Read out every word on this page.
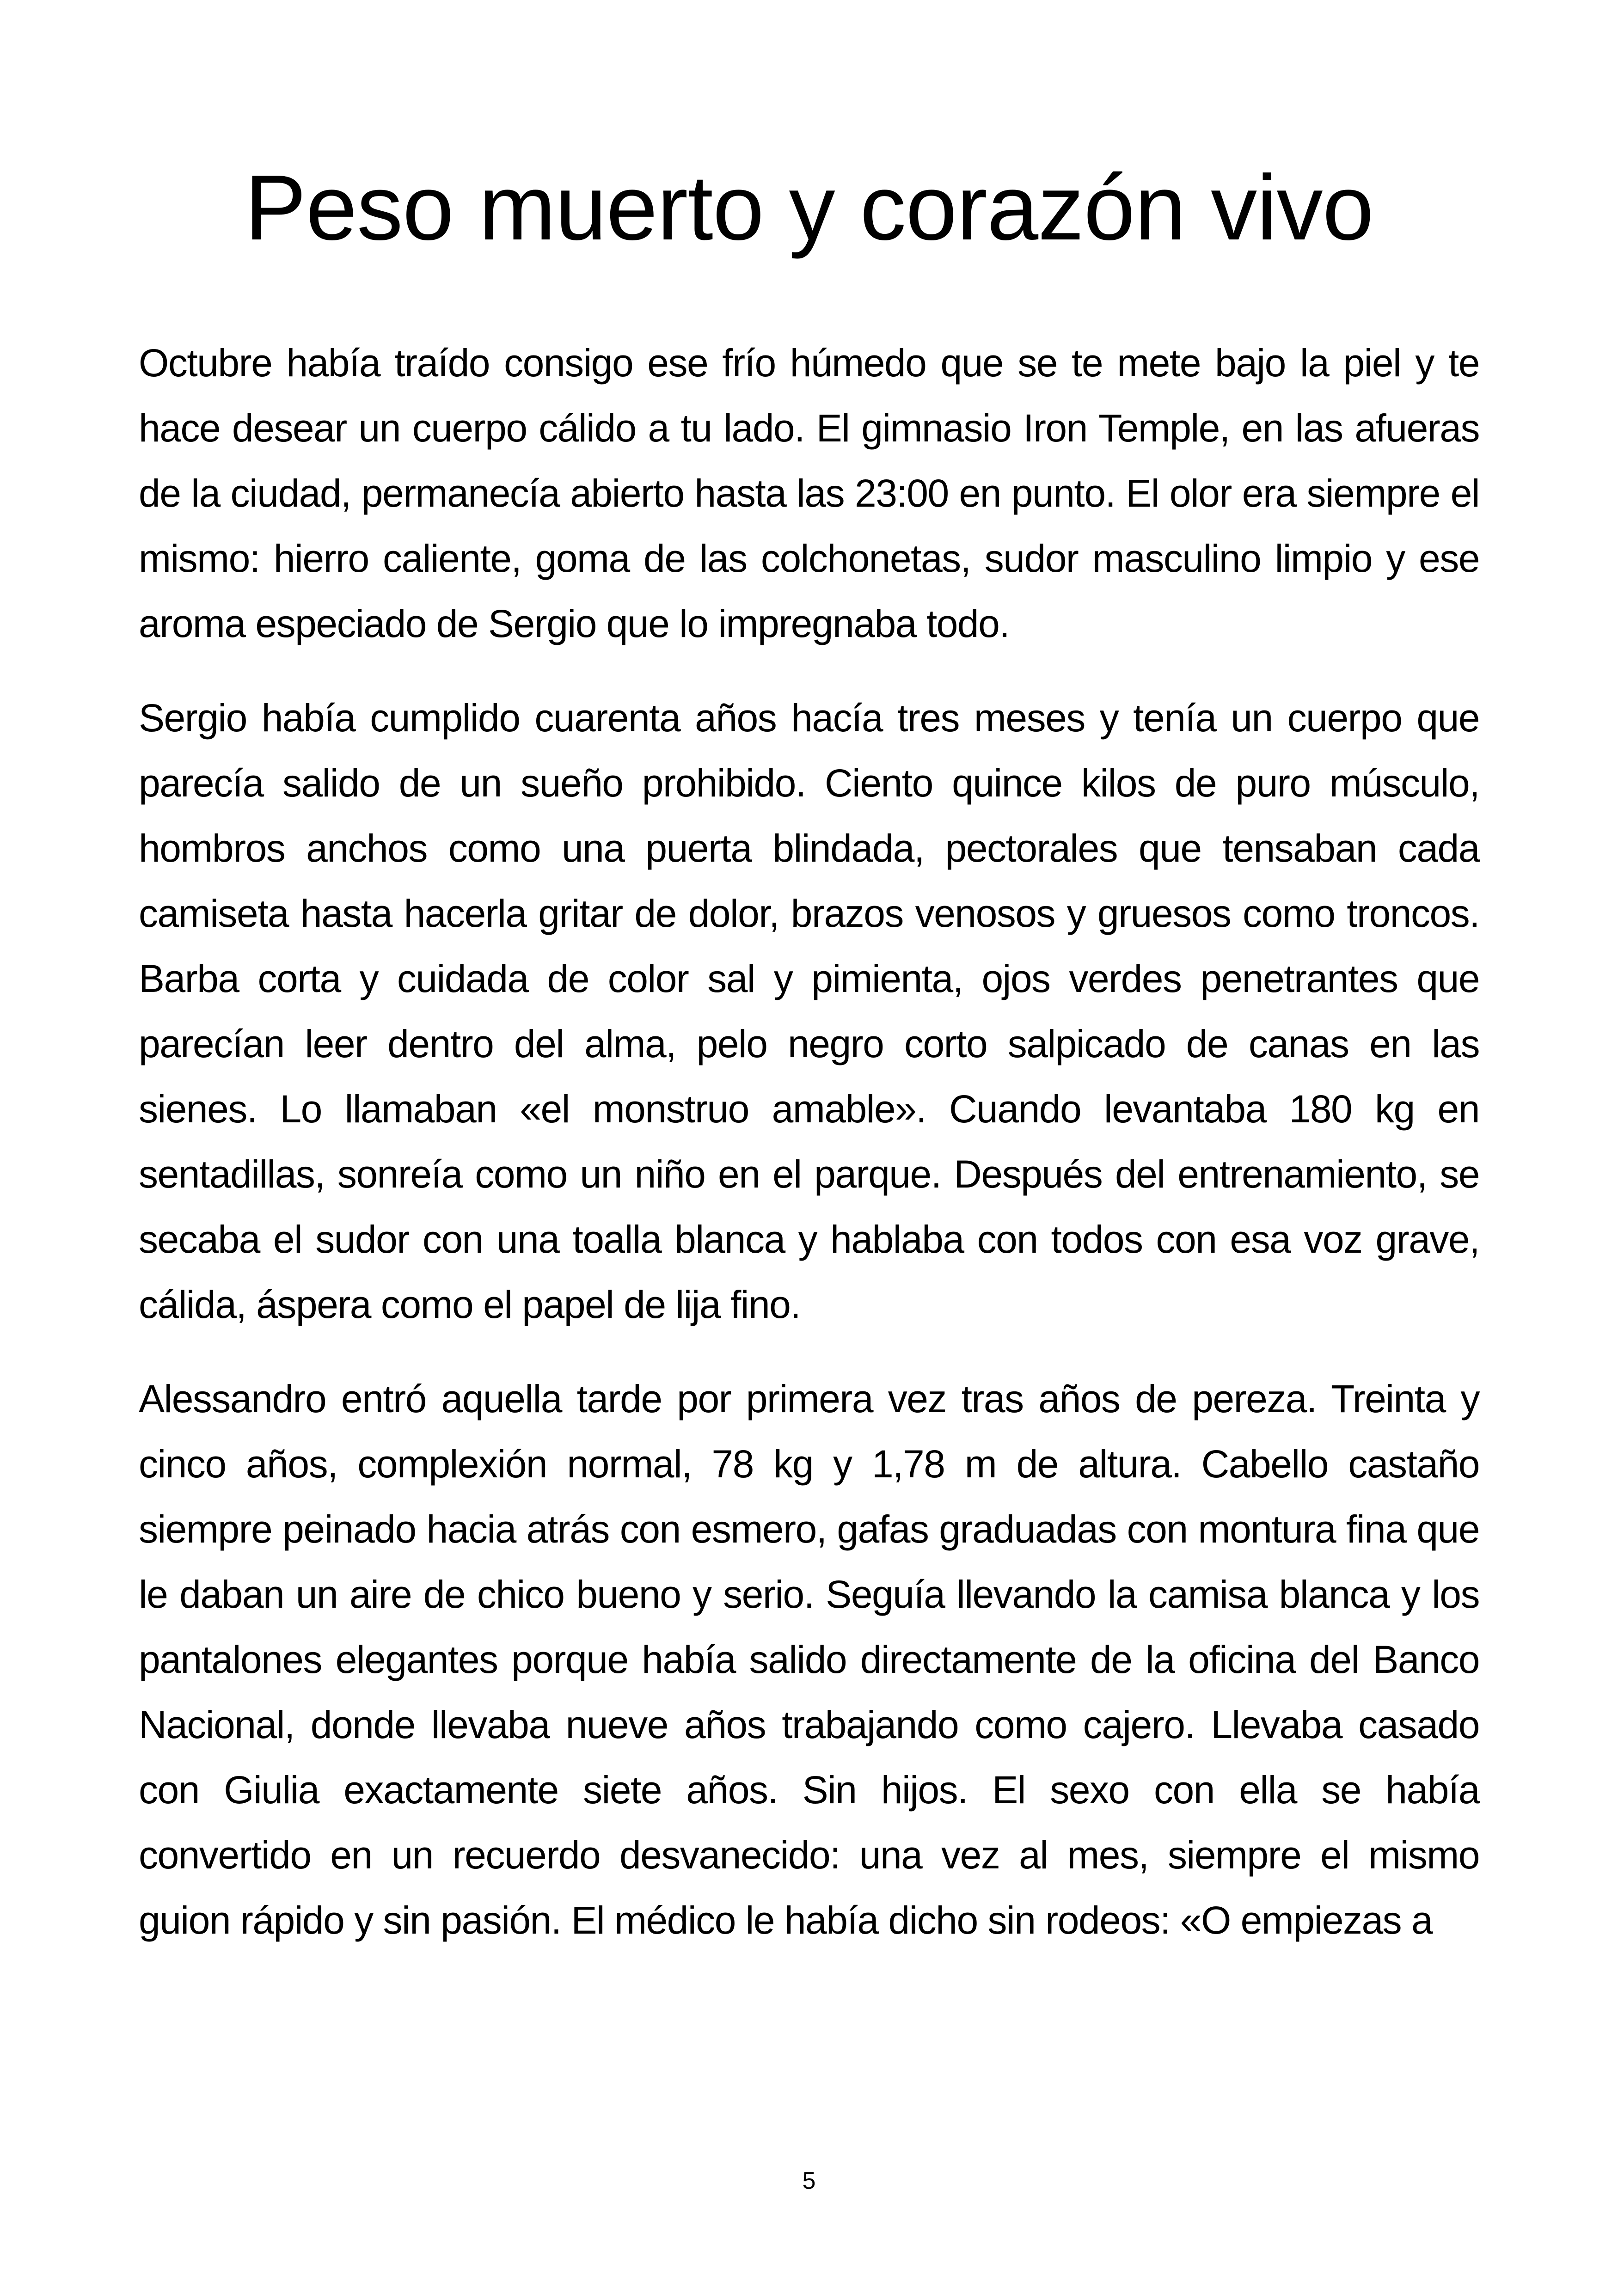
Peso muerto y corazón vivo

Octubre había traído consigo ese frío húmedo que se te mete bajo la piel y te hace desear un cuerpo cálido a tu lado. El gimnasio Iron Temple, en las afueras de la ciudad, permanecía abierto hasta las 23:00 en punto. El olor era siempre el mismo: hierro caliente, goma de las colchonetas, sudor masculino limpio y ese aroma especiado de Sergio que lo impregnaba todo.

Sergio había cumplido cuarenta años hacía tres meses y tenía un cuerpo que parecía salido de un sueño prohibido. Ciento quince kilos de puro músculo, hombros anchos como una puerta blindada, pectorales que tensaban cada camiseta hasta hacerla gritar de dolor, brazos venosos y gruesos como troncos. Barba corta y cuidada de color sal y pimienta, ojos verdes penetrantes que parecían leer dentro del alma, pelo negro corto salpicado de canas en las sienes. Lo llamaban «el monstruo amable». Cuando levantaba 180 kg en sentadillas, sonreía como un niño en el parque. Después del entrenamiento, se secaba el sudor con una toalla blanca y hablaba con todos con esa voz grave, cálida, áspera como el papel de lija fino.

Alessandro entró aquella tarde por primera vez tras años de pereza. Treinta y cinco años, complexión normal, 78 kg y 1,78 m de altura. Cabello castaño siempre peinado hacia atrás con esmero, gafas graduadas con montura fina que le daban un aire de chico bueno y serio. Seguía llevando la camisa blanca y los pantalones elegantes porque había salido directamente de la oficina del Banco Nacional, donde llevaba nueve años trabajando como cajero. Llevaba casado con Giulia exactamente siete años. Sin hijos. El sexo con ella se había convertido en un recuerdo desvanecido: una vez al mes, siempre el mismo guion rápido y sin pasión. El médico le había dicho sin rodeos: «O empiezas a

5
